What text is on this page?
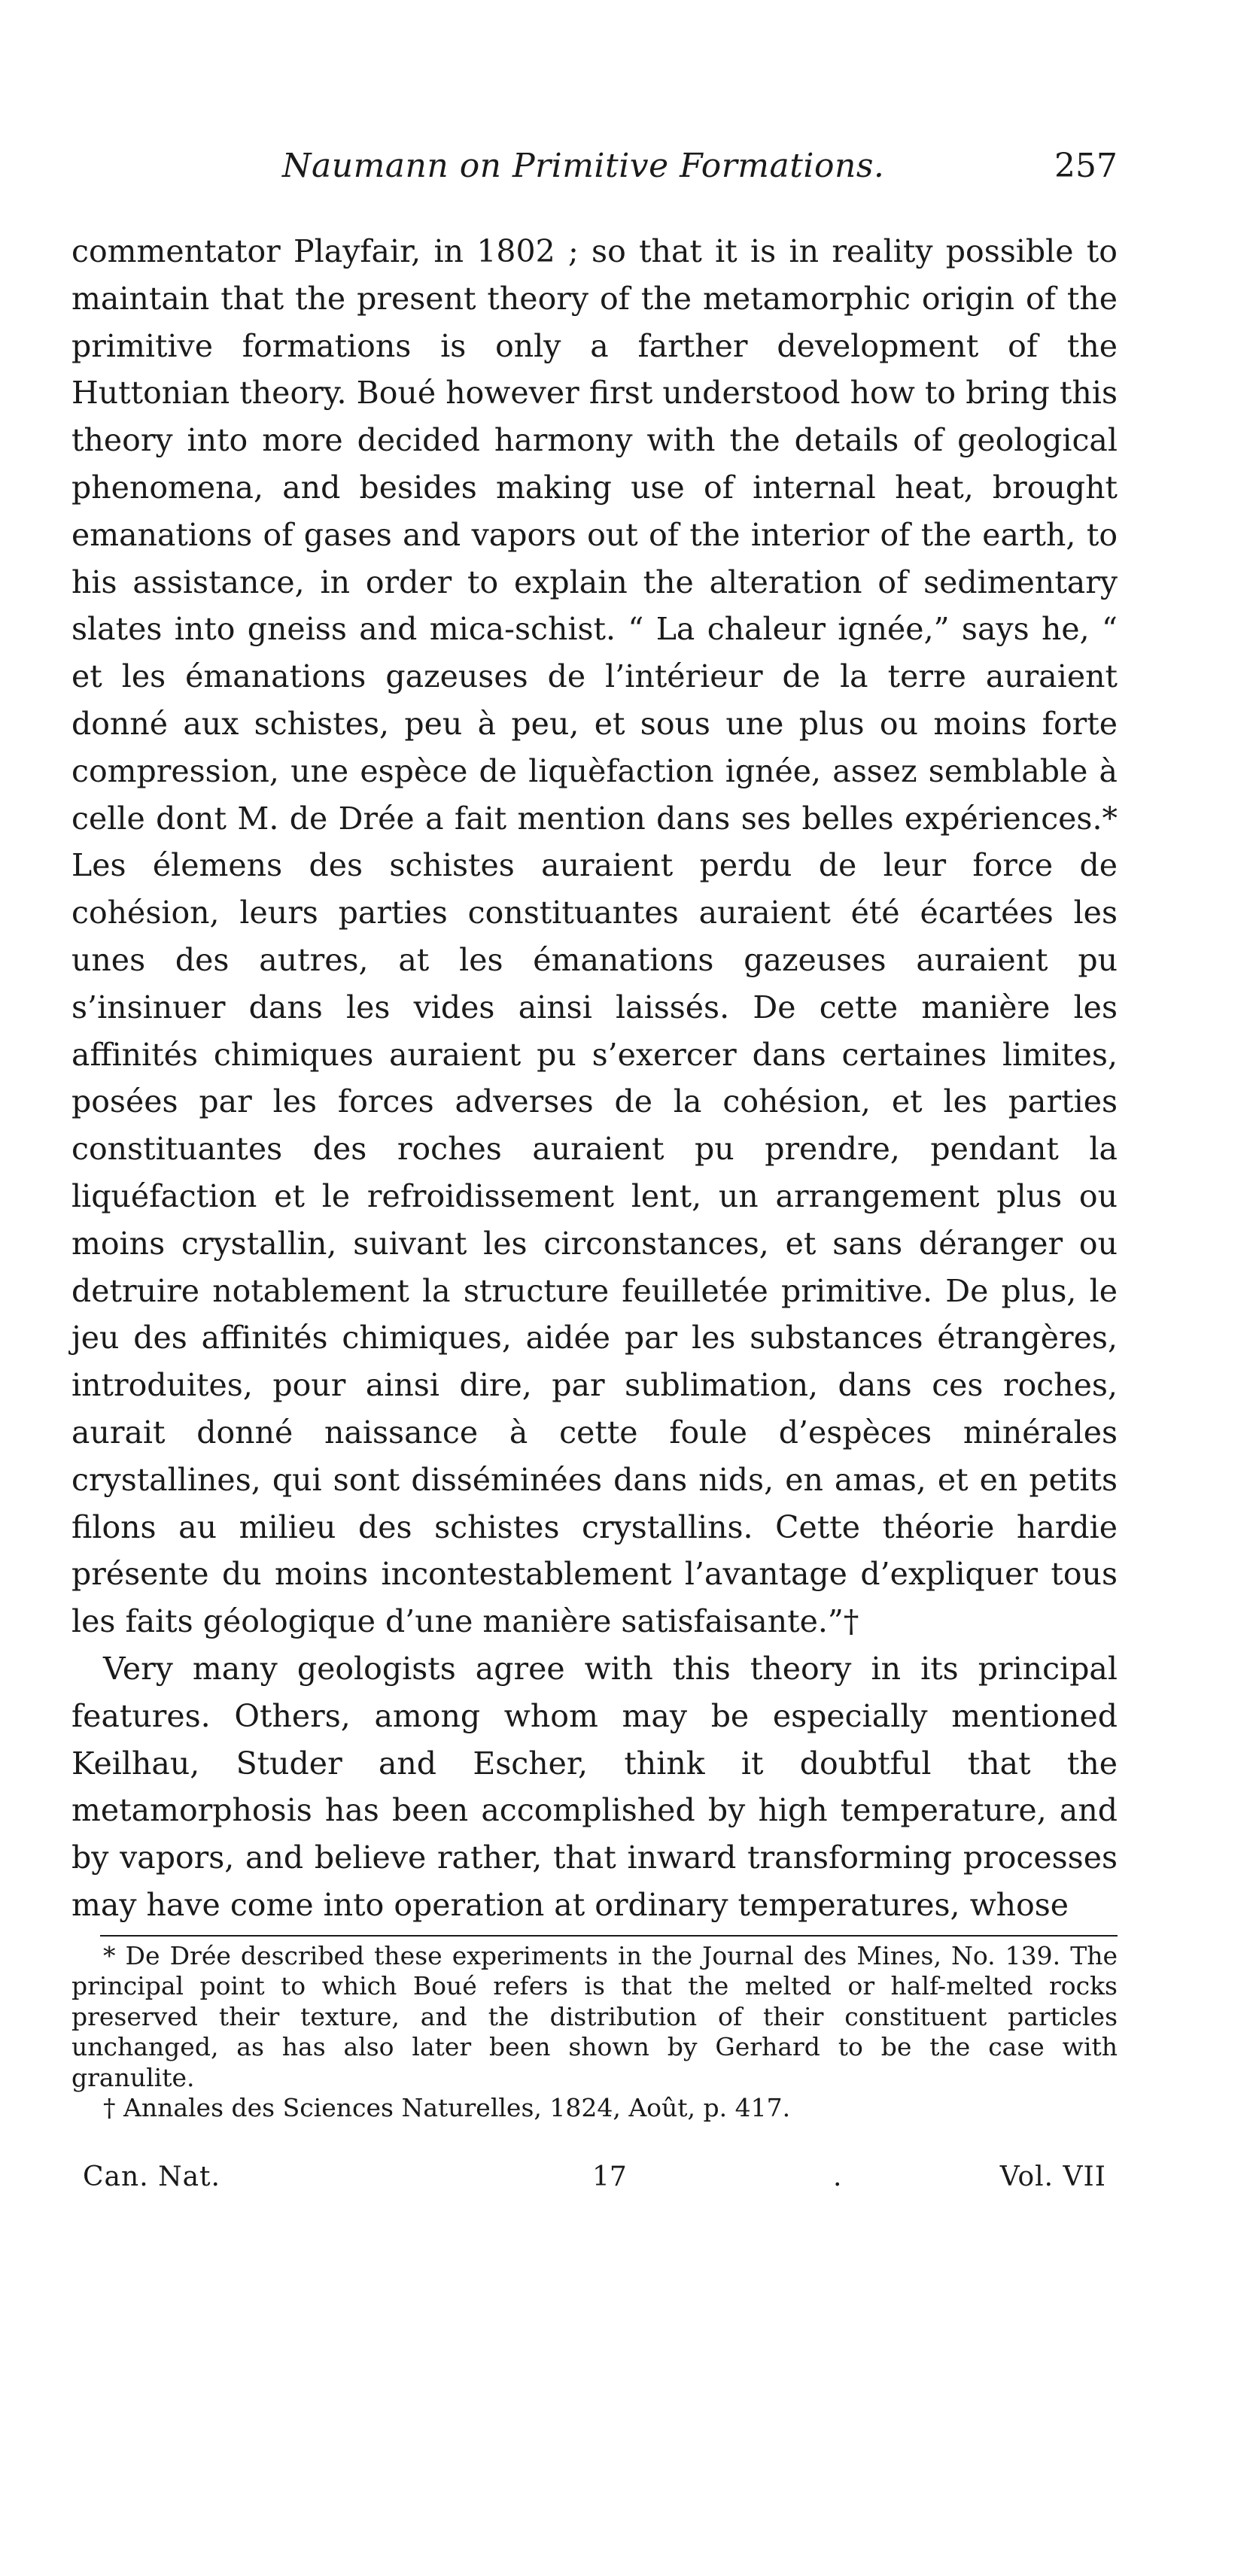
Naumann on Primitive Formations.	257

commentator Playfair, in 1802 ; so that it is in reality possible to maintain that the present theory of the metamorphic origin of the primitive formations is only a farther development of the Huttonian theory. Boué however first understood how to bring this theory into more decided harmony with the details of geological phenomena, and besides making use of internal heat, brought emanations of gases and vapors out of the interior of the earth, to his assistance, in order to explain the alteration of sedimentary slates into gneiss and mica-schist. “ La chaleur ignée,” says he, “ et les émanations gazeuses de l’intérieur de la terre auraient donné aux schistes, peu à peu, et sous une plus ou moins forte compression, une espèce de liquèfaction ignée, assez semblable à celle dont M. de Drée a fait mention dans ses belles expériences.* Les élemens des schistes auraient perdu de leur force de cohésion, leurs parties constituantes auraient été écartées les unes des autres, at les émanations gazeuses auraient pu s’insinuer dans les vides ainsi laissés. De cette manière les affinités chimiques auraient pu s’exercer dans certaines limites, posées par les forces adverses de la cohésion, et les parties constituantes des roches auraient pu prendre, pendant la liquéfaction et le refroidissement lent, un arrangement plus ou moins crystallin, suivant les circonstances, et sans déranger ou detruire notablement la structure feuilletée primitive. De plus, le jeu des affinités chimiques, aidée par les substances étrangères, introduites, pour ainsi dire, par sublimation, dans ces roches, aurait donné naissance à cette foule d’espèces minérales crystallines, qui sont disséminées dans nids, en amas, et en petits filons au milieu des schistes crystallins. Cette théorie hardie présente du moins incontestablement l’avantage d’expliquer tous les faits géologique d’une manière satisfaisante.”†

Very many geologists agree with this theory in its principal features. Others, among whom may be especially mentioned Keilhau, Studer and Escher, think it doubtful that the metamorphosis has been accomplished by high temperature, and by vapors, and believe rather, that inward transforming processes may have come into operation at ordinary temperatures, whose

* De Drée described these experiments in the Journal des Mines, No. 139. The principal point to which Boué refers is that the melted or half-melted rocks preserved their texture, and the distribution of their constituent particles unchanged, as has also later been shown by Gerhard to be the case with granulite.

† Annales des Sciences Naturelles, 1824, Août, p. 417.

Can. Nat.	17	.	Vol. VII
